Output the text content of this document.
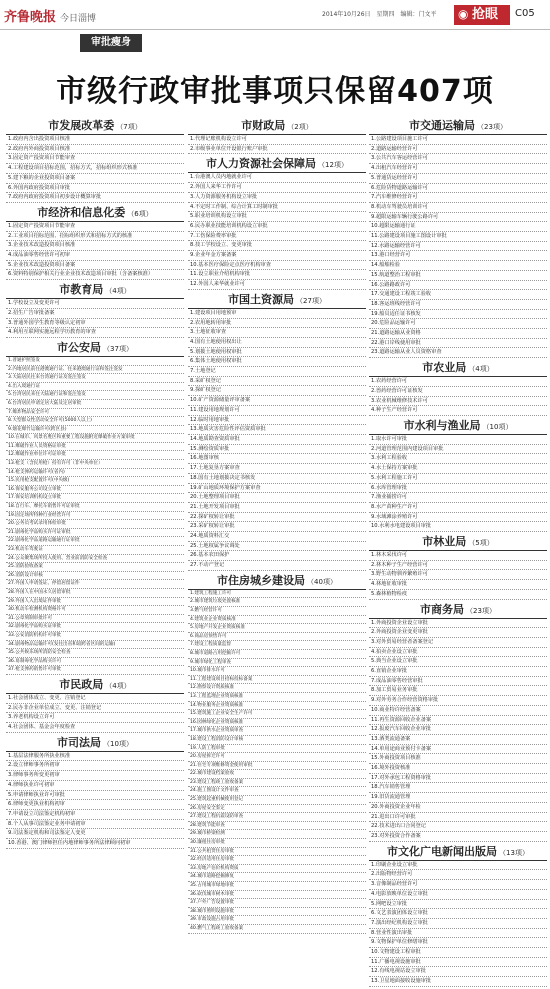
齐鲁晚报 今日淄博	2014年10月26日　星期四　编辑：门文平 ◉ 抢眼	C05
审批瘦身
市级行政审批事项只保留407项
市发展改革委 （7项）
1.政府内含出投资项目核准
2.政府内外商投资项目核准
3.固定资产投资项目节能审查
4.工程建设项目招标范围，招标方式，招标组织形式核准
5.建下粮的企业投资项目备案
6.外国内政府投资项目审批
7.政府内政府投资项目初步设计概算审批
市经济和信息化委 （6项）
1.固定资产投资项目节能审查
2.工业项目招标范围、招标组织形式和招标方式的核准
3.企业技术改造投资项目核准
4.成品油零售经营许可初审
5.企业技术改造投资项目备案
6.资料特别保护相关行业企业技术改造项目审批（含备案核准）
市教育局 （4项）
1.学校设立及变更许可
2.招生广告审批备案
3.普通外国学生教育等级认定初审
4.利用互联网实施远程学历教育的审查
市公安局 （37项）
1.普通护照签发
2.内地居民前往港澳通行证、往来港澳通行证和签注签发
3.大陆居民往来台湾通行证及签注签发
4.出入境通行证
5.台湾居民来往大陆通行证和签注签发
6.台湾居民申请定居大陆及定居审批
7.爆炸物品安全许可
8.大型群众性活动安全许可(5000人以上)
9.烟花爆竹运输许可(跨区县)
10.在城市、风景名胜区和重要工程设施附近爆破作业方案审批
11.爆破作业人员资格证审批
12.爆破作业单位许可证审批
13.枪支（含民用枪）持有许可（非中央单位）
14.枪支弹药运输许可(省内)
15.民用枪支配置许可(中央级)
16.保安服务公司设立审批
17.保安培训机构设立审批
18.自行车、摩托车销售许可证审批
19.固定场所特种行业经营许可
20.公务员考试录用体检审批
21.剧毒化学品购买许可证审批
22.剧毒化学品道路运输通行证审批
23.机动车驾驶证
24.公众聚集场所投入使用、营业前消防安全检查
25.消防验收备案
26.消防设计审核
27.外国人申请签证、停留居留证件
28.外国人在中国永久居留审批
29.外国人入出境证件审批
30.机动车检测机构资格许可
31.公章刻制审批许可
32.剧毒化学品购买证审批
33.公安消防机构许可审批
34.剧毒物品运输许可(发往出省和较跨省区间的运输)
35.公共娱乐场所消防安全检查
36.易制毒化学品购买许可
37.枪支弹药销售许可审批
市民政局 （4项）
1.社会团体成立、变更、注销登记
2.民办非企业单位成立、变更、注销登记
3.养老机构设立许可
4.社会团体、基金会年度检查
市司法局 （10项）
1.基层法律服务所执业核准
2.设立律师事务所初审
3.律师事务所变更初审
4.律师执业许可初审
5.申请律师执业许可审批
6.律师变更执业机构初审
7.申请设立司法鉴定机构初审
8.个人从事司法鉴定业务申请初审
9.司法鉴定机构和司法鉴定人变更
10.香港、澳门律师担任内地律师事务所法律顾问初审
市财政局 （2项）
1.代理记账机构设立许可
2.市级事业单位开设银行账户审批
市人力资源社会保障局 （12项）
1.台港澳人员内地就业许可
2.外国人来华工作许可
3.人力资源服务机构设立审批
4.不定时工作制、综合计算工时制审批
5.职业培训机构设立审批
6.民办职业技能培训机构设立审批
7.工伤保险费率审批
8.技工学校设立、变更审批
9.企业年金方案备案
10.基本医疗保险定点医疗机构审查
11.设立职业介绍机构审批
12.外国人来华就业许可
市国土资源局 （27项）
1.建设项目用地预审
2.农用地转用审批
3.土地征收审查
4.国有土地使用权出让
5.划拨土地使用权审批
6.集体土地使用权审批
7.土地登记
8.采矿权登记
9.探矿权登记
10.矿产资源储量评审备案
11.建设用地规划许可
12.临时用地审批
13.地质灾害危险性评估资质审批
14.地质勘查资质审批
15.测绘资质审批
16.地图审核
17.土地复垦方案审查
18.国有土地划拨决定书核发
19.矿山地质环境保护方案审查
20.土地整理项目审批
21.土地开发项目审批
22.探矿权转让审批
23.采矿权转让审批
24.地质资料汇交
25.土地权属争议调处
26.基本农田保护
27.不动产登记
市住房城乡建设局 （40项）
1.建筑工程施工许可
2.城市建筑垃圾处置核准
3.燃气经营许可
4.建筑业企业资质核准
5.房地产开发企业资质核准
6.商品房预售许可
7.建设工程质量监督
8.城市道路占用挖掘许可
9.城市绿化工程审查
10.城市排水许可
11.工程建设项目招标投标备案
12.勘察设计资质核准
13.工程监理企业资质核准
14.物业服务企业资质核准
15.建筑施工企业安全生产许可
16.园林绿化企业资质核准
17.城市供水企业资质审查
18.建设工程消防设计审核
19.人防工程审批
20.房屋拆迁许可
21.住宅专项维修资金使用审批
22.城市建设档案验收
23.建设工程竣工验收备案
24.施工图设计文件审查
25.建筑起重机械使用登记
26.房屋安全鉴定
27.建设工程抗震设防审查
28.建筑节能审查
29.城市桥梁检测
30.廉租住房审批
31.公共租赁住房审批
32.经济适用住房审批
33.房地产估价机构资质
34.城市道路挖掘修复
35.占用城市绿地审批
36.砍伐城市树木审批
37.户外广告设置审批
38.城市照明设施审批
39.市政设施占用审批
40.燃气工程竣工验收备案
市交通运输局 （23项）
1.公路建设项目施工许可
2.道路运输经营许可
3.公共汽车客运经营许可
4.出租汽车经营许可
5.普通货运经营许可
6.危险货物道路运输许可
7.汽车维修经营许可
8.机动车驾驶员培训许可
9.超限运输车辆行驶公路许可
10.超限运输通行证
11.公路建设项目施工图设计审批
12.水路运输经营许可
13.港口经营许可
14.船舶检验
15.航道整治工程审批
16.公路路政许可
17.交通建设工程竣工验收
18.客运班线经营许可
19.船员适任证书核发
20.危险品运输许可
21.道路运输从业资格
22.港口岸线使用审批
23.道路运输从业人员资格审查
市农业局 （4项）
1.农药经营许可
2.兽药经营许可证核发
3.农业机械维修技术许可
4.种子生产经营许可
市水利与渔业局 （10项）
1.取水许可审批
2.河道管理范围内建设项目审批
3.水利工程验收
4.水土保持方案审批
5.水利工程施工许可
6.水库管理审批
7.渔业捕捞许可
8.水产苗种生产许可
9.水域滩涂养殖许可
10.水利水电建设项目审批
市林业局 （5项）
1.林木采伐许可
2.林木种子生产经营许可
3.野生动物驯养繁殖许可
4.林地征收审批
5.森林植物检疫
市商务局 （23项）
1.外商投资企业设立审批
2.外商投资企业变更审批
3.对外贸易经营者备案登记
4.拍卖企业设立审批
5.典当企业设立审批
6.直销企业审批
7.成品油零售经营审批
8.加工贸易业务审批
9.对外劳务合作经营资格审批
10.商业特许经营备案
11.再生资源回收企业备案
12.报废汽车回收企业审批
13.酒类流通备案
14.单用途商业预付卡备案
15.外商投资项目核准
16.境外投资核准
17.对外承包工程资格审批
18.汽车销售管理
19.旧货流通管理
20.外商投资企业年检
21.进出口许可审批
22.技术进出口合同登记
23.对外投资合作备案
市文化广电新闻出版局 （13项）
1.印刷企业设立审批
2.出版物经营许可
3.音像制品经营许可
4.电影放映单位设立审批
5.网吧设立审批
6.文艺表演团体设立审批
7.演出经纪机构设立审批
8.营业性演出审批
9.文物保护单位修缮审批
10.文物建设工程审批
11.广播电视设施审批
12.有线电视站设立审批
13.卫星地面接收设施审批
